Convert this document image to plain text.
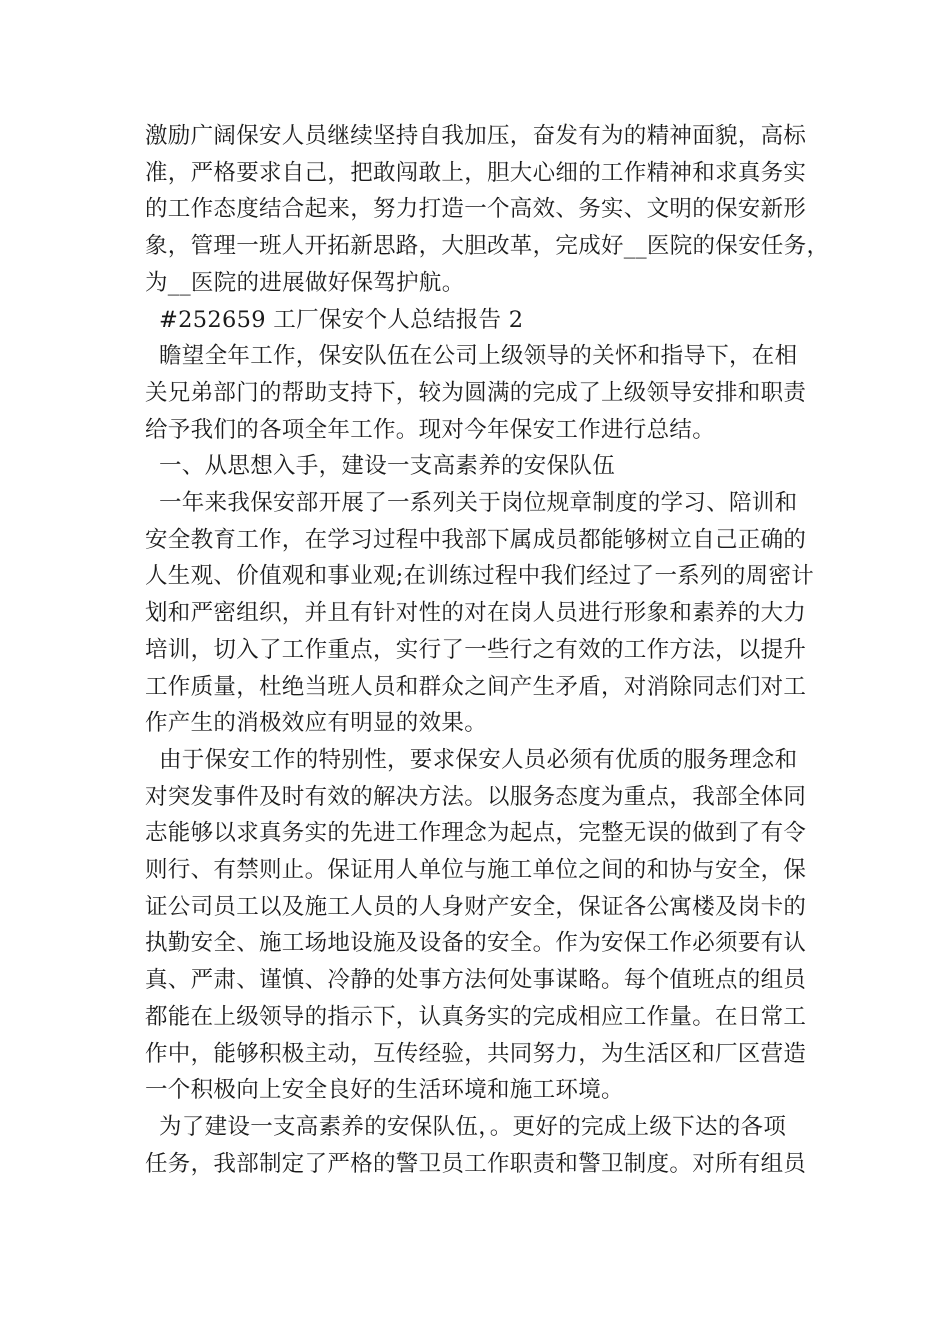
激励广阔保安人员继续坚持自我加压，奋发有为的精神面貌，高标
准，严格要求自己，把敢闯敢上，胆大心细的工作精神和求真务实
的工作态度结合起来，努力打造一个高效、务实、文明的保安新形
象，管理一班人开拓新思路，大胆改革，完成好__医院的保安任务，
为__医院的进展做好保驾护航。
#252659 工厂保安个人总结报告 2
瞻望全年工作，保安队伍在公司上级领导的关怀和指导下，在相
关兄弟部门的帮助支持下，较为圆满的完成了上级领导安排和职责
给予我们的各项全年工作。现对今年保安工作进行总结。
一、从思想入手，建设一支高素养的安保队伍
一年来我保安部开展了一系列关于岗位规章制度的学习、陪训和
安全教育工作，在学习过程中我部下属成员都能够树立自己正确的
人生观、价值观和事业观;在训练过程中我们经过了一系列的周密计
划和严密组织，并且有针对性的对在岗人员进行形象和素养的大力
培训，切入了工作重点，实行了一些行之有效的工作方法，以提升
工作质量，杜绝当班人员和群众之间产生矛盾，对消除同志们对工
作产生的消极效应有明显的效果。
由于保安工作的特别性，要求保安人员必须有优质的服务理念和
对突发事件及时有效的解决方法。以服务态度为重点，我部全体同
志能够以求真务实的先进工作理念为起点，完整无误的做到了有令
则行、有禁则止。保证用人单位与施工单位之间的和协与安全，保
证公司员工以及施工人员的人身财产安全，保证各公寓楼及岗卡的
执勤安全、施工场地设施及设备的安全。作为安保工作必须要有认
真、严肃、谨慎、冷静的处事方法何处事谋略。每个值班点的组员
都能在上级领导的指示下，认真务实的完成相应工作量。在日常工
作中，能够积极主动，互传经验，共同努力，为生活区和厂区营造
一个积极向上安全良好的生活环境和施工环境。
为了建设一支高素养的安保队伍，。更好的完成上级下达的各项
任务，我部制定了严格的警卫员工作职责和警卫制度。对所有组员
